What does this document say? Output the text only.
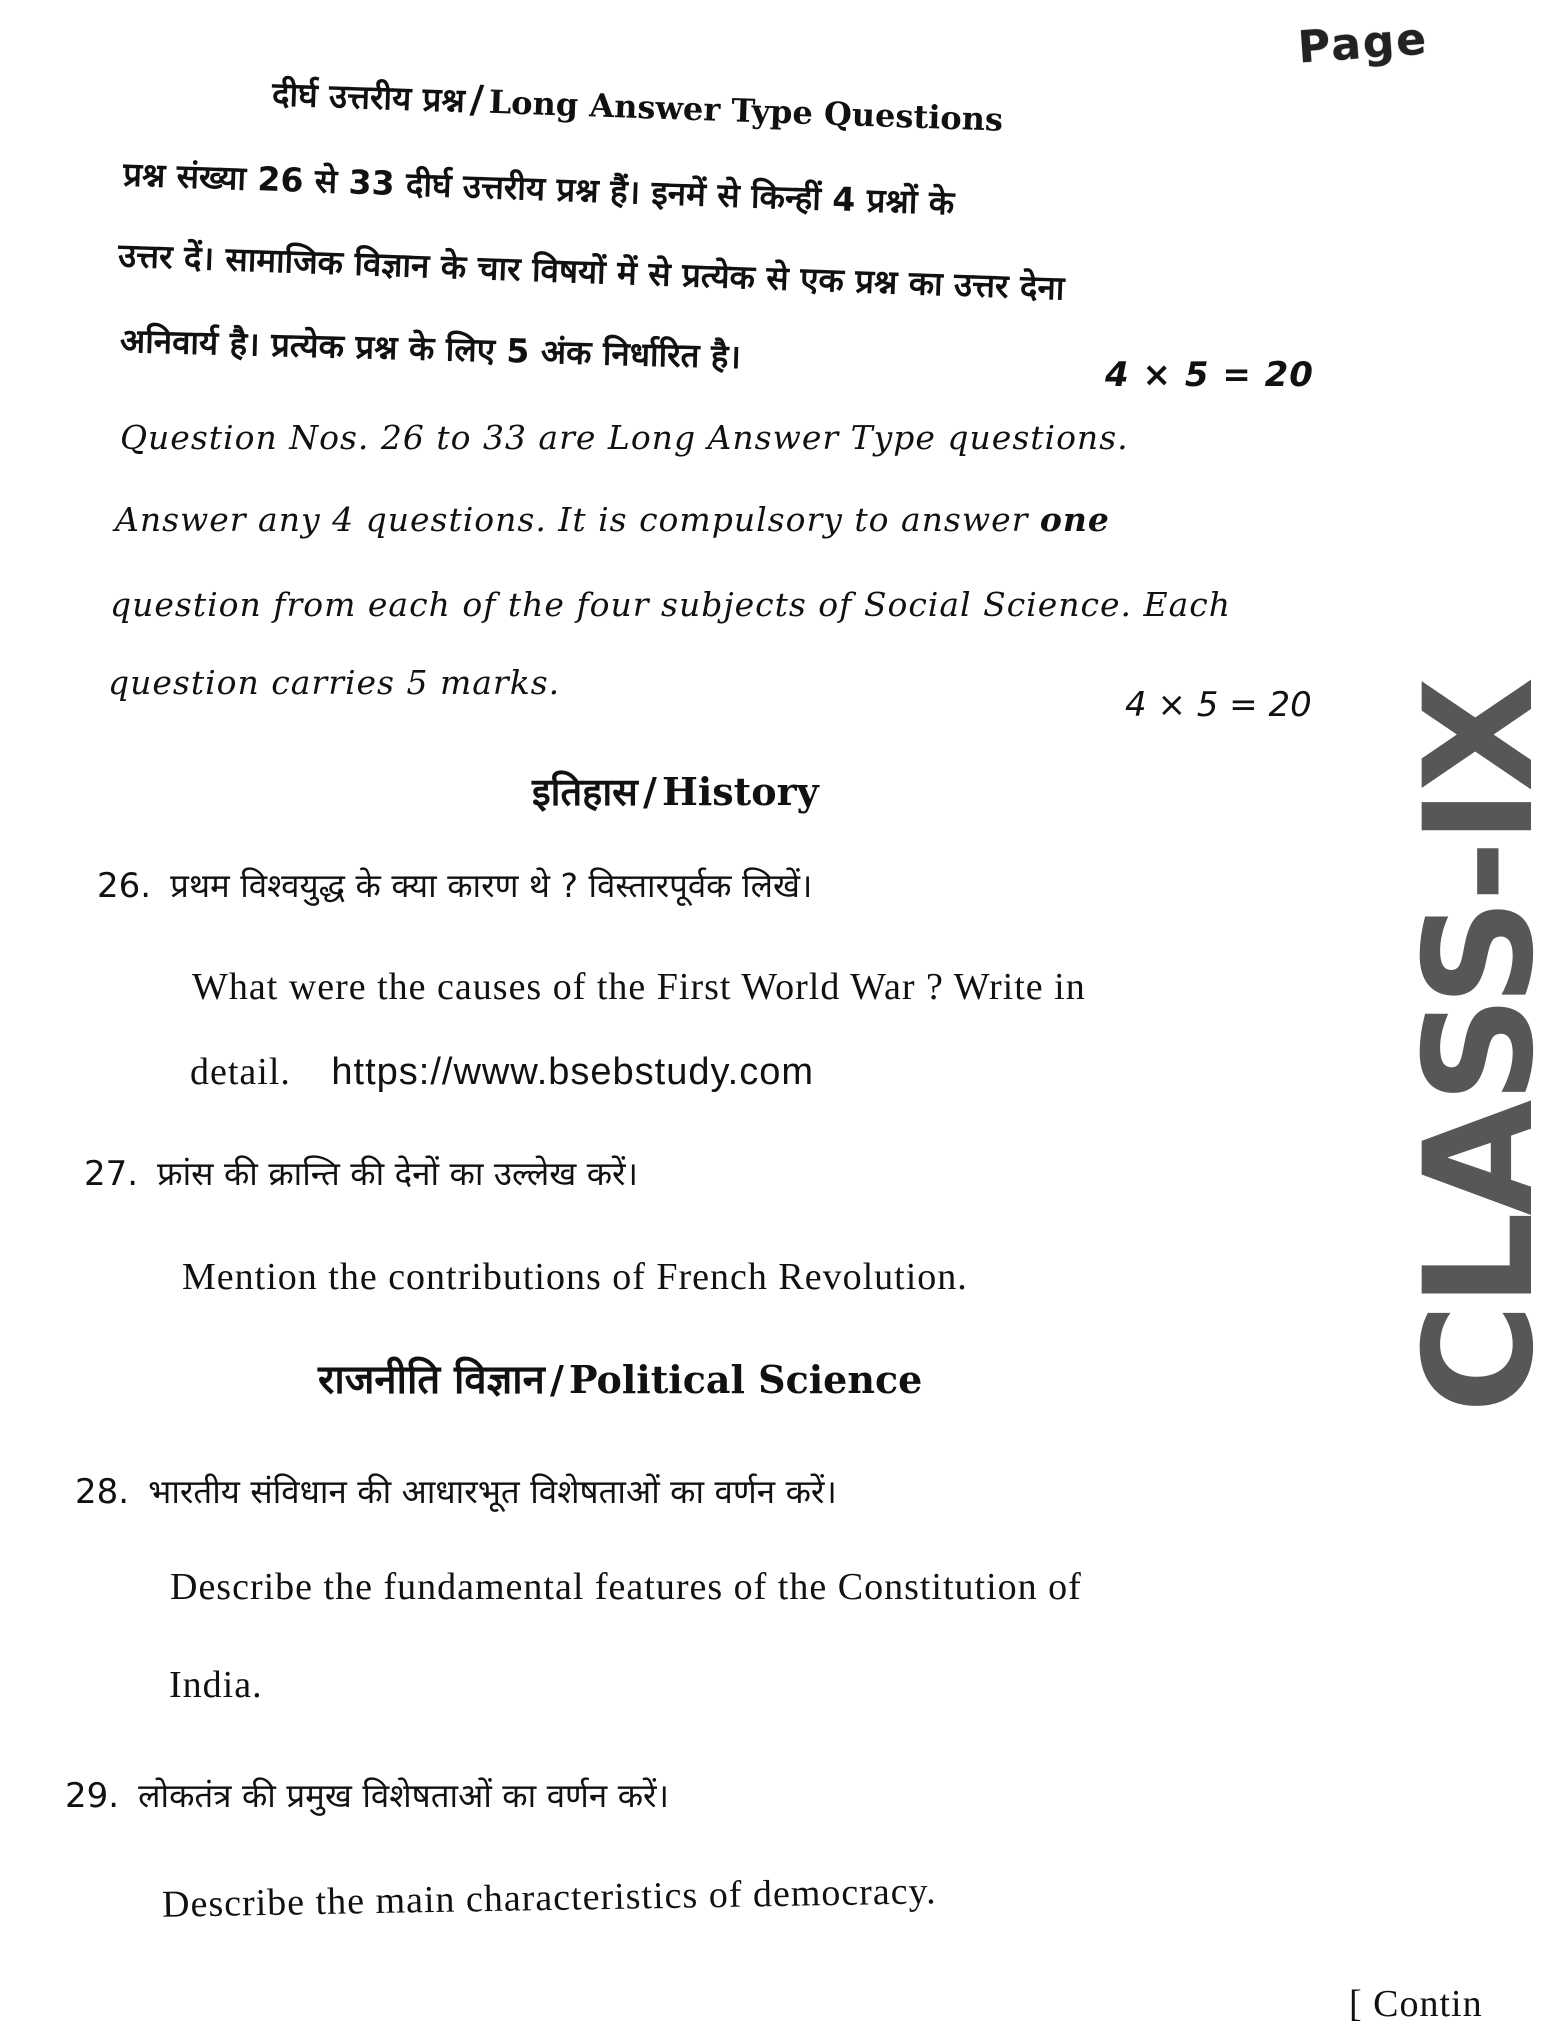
Page
CLASS-IX
दीर्घ उत्तरीय प्रश्न / Long Answer Type Questions
प्रश्न संख्या 26 से 33 दीर्घ उत्तरीय प्रश्न हैं। इनमें से किन्हीं 4 प्रश्नों के
उत्तर दें। सामाजिक विज्ञान के चार विषयों में से प्रत्येक से एक प्रश्न का उत्तर देना
अनिवार्य है। प्रत्येक प्रश्न के लिए 5 अंक निर्धारित है।	4 × 5 = 20
Question Nos. 26 to 33 are Long Answer Type questions.
Answer any 4 questions. It is compulsory to answer one
question from each of the four subjects of Social Science. Each
question carries 5 marks.
4 × 5 = 20
इतिहास / History
26. प्रथम विश्वयुद्ध के क्या कारण थे ? विस्तारपूर्वक लिखें।
What were the causes of the First World War ? Write in
detail. https://www.bsebstudy.com
27. फ्रांस की क्रान्ति की देनों का उल्लेख करें।
Mention the contributions of French Revolution.
राजनीति विज्ञान / Political Science
28. भारतीय संविधान की आधारभूत विशेषताओं का वर्णन करें।
Describe the fundamental features of the Constitution of
India.
29. लोकतंत्र की प्रमुख विशेषताओं का वर्णन करें।
Describe the main characteristics of democracy.
[ Contin
